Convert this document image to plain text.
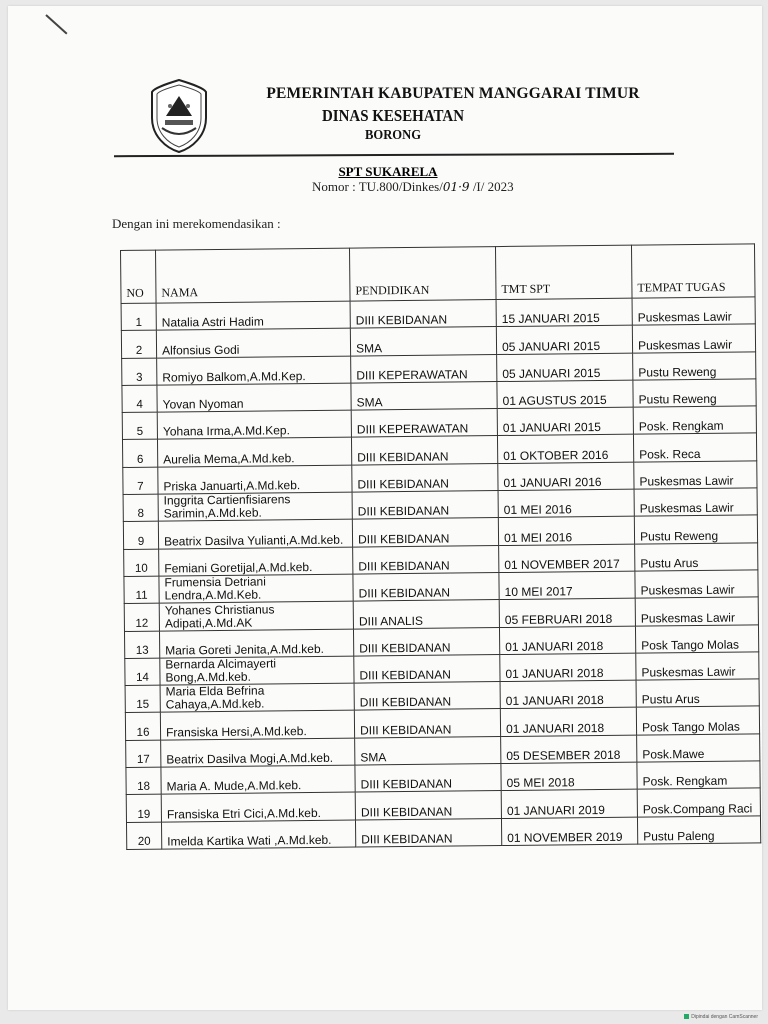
PEMERINTAH KABUPATEN MANGGARAI TIMUR
DINAS KESEHATAN
BORONG
SPT SUKARELA
Nomor : TU.800/Dinkes/01·9 /I/ 2023
Dengan ini merekomendasikan :
NO	NAMA	PENDIDIKAN	TMT SPT	TEMPAT TUGAS
1	Natalia Astri Hadim	DIII KEBIDANAN	15 JANUARI 2015	Puskesmas Lawir
2	Alfonsius Godi	SMA	05 JANUARI 2015	Puskesmas Lawir
3	Romiyo Balkom,A.Md.Kep.	DIII KEPERAWATAN	05 JANUARI 2015	Pustu Reweng
4	Yovan Nyoman	SMA	01 AGUSTUS 2015	Pustu Reweng
5	Yohana Irma,A.Md.Kep.	DIII KEPERAWATAN	01 JANUARI 2015	Posk. Rengkam
6	Aurelia Mema,A.Md.keb.	DIII KEBIDANAN	01 OKTOBER 2016	Posk. Reca
7	Priska Januarti,A.Md.keb.	DIII KEBIDANAN	01 JANUARI 2016	Puskesmas Lawir
8	Inggrita Cartienfisiarens Sarimin,A.Md.keb.	DIII KEBIDANAN	01 MEI 2016	Puskesmas Lawir
9	Beatrix Dasilva Yulianti,A.Md.keb.	DIII KEBIDANAN	01 MEI 2016	Pustu Reweng
10	Femiani Goretijal,A.Md.keb.	DIII KEBIDANAN	01 NOVEMBER 2017	Pustu Arus
11	Frumensia Detriani Lendra,A.Md.Keb.	DIII KEBIDANAN	10 MEI 2017	Puskesmas Lawir
12	Yohanes Christianus Adipati,A.Md.AK	DIII ANALIS	05 FEBRUARI 2018	Puskesmas Lawir
13	Maria Goreti Jenita,A.Md.keb.	DIII KEBIDANAN	01 JANUARI 2018	Posk Tango Molas
14	Bernarda Alcimayerti Bong,A.Md.keb.	DIII KEBIDANAN	01 JANUARI 2018	Puskesmas Lawir
15	Maria Elda Befrina Cahaya,A.Md.keb.	DIII KEBIDANAN	01 JANUARI 2018	Pustu Arus
16	Fransiska Hersi,A.Md.keb.	DIII KEBIDANAN	01 JANUARI 2018	Posk Tango Molas
17	Beatrix Dasilva Mogi,A.Md.keb.	SMA	05 DESEMBER 2018	Posk.Mawe
18	Maria A. Mude,A.Md.keb.	DIII KEBIDANAN	05 MEI 2018	Posk. Rengkam
19	Fransiska Etri Cici,A.Md.keb.	DIII KEBIDANAN	01 JANUARI 2019	Posk.Compang Raci
20	Imelda Kartika Wati ,A.Md.keb.	DIII KEBIDANAN	01 NOVEMBER 2019	Pustu Paleng
Dipindai dengan CamScanner
